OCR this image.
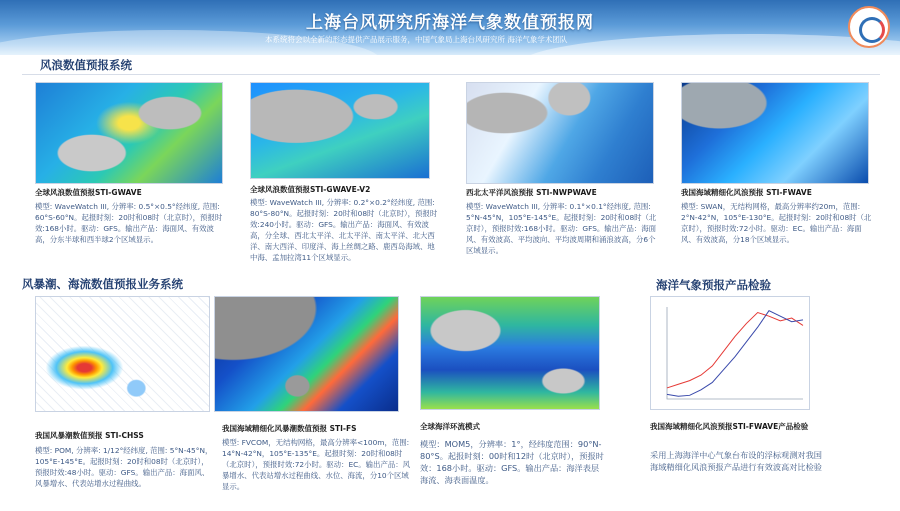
上海台风研究所海洋气象数值预报网
本系统将会以全新的形态提供产品展示服务，中国气象局上海台风研究所 海洋气象学术团队
风浪数值预报系统
全球风浪数值预报STI-GWAVE
模型: WaveWatch III, 分辨率: 0.5°×0.5°经纬度, 范围: 60°S-60°N。起报时刻：20时和08时（北京时），预报时效:168小时。驱动：GFS。输出产品：海面风、有效波高，分东半球和西半球2个区域显示。
全球风浪数值预报STI-GWAVE-V2
模型: WaveWatch III, 分辨率: 0.2°×0.2°经纬度, 范围: 80°S-80°N。起报时刻：20时和08时（北京时），预报时效:240小时。驱动：GFS。输出产品：海面风、有效波高，分全球、西北太平洋、北太平洋、南太平洋、北大西洋、南大西洋、印度洋、海上丝绸之路、鹿西岛海域、地中海、孟加拉湾11个区域显示。
西北太平洋风浪预报 STI-NWPWAVE
模型: WaveWatch III, 分辨率: 0.1°×0.1°经纬度, 范围: 5°N-45°N，105°E-145°E。起报时刻：20时和08时（北京时），预报时效:168小时。驱动：GFS。输出产品：海面风、有效波高、平均波向、平均波周期和涌浪波高，分6个区域显示。
我国海域精细化风浪预报 STI-FWAVE
模型: SWAN，无结构网格，最高分辨率约20m，范围: 2°N-42°N，105°E-130°E。起报时刻：20时和08时（北京时），预报时效:72小时。驱动：EC。输出产品：海面风、有效波高，分18个区域显示。
风暴潮、海流数值预报业务系统
我国风暴潮数值预报 STI-CHSS
模型: POM, 分辨率: 1/12°经纬度, 范围: 5°N-45°N，105°E-145°E。起报时刻：20时和08时（北京时），预报时效:48小时。驱动：GFS。输出产品：海面风、风暴增水、代表站增水过程曲线。
我国海域精细化风暴潮数值预报 STI-FS
模型: FVCOM，无结构网格，最高分辨率<100m，范围: 14°N-42°N，105°E-135°E。起报时刻：20时和08时（北京时），预报时效:72小时。驱动：EC。输出产品：风暴增水、代表站增水过程曲线、水位、海流，分10个区域显示。
全球海洋环流模式
模型：MOM5，分辨率：1°，经纬度范围：90°N-80°S。起报时刻：00时和12时（北京时），预报时效：168小时。驱动：GFS。输出产品：海洋表层海流、海表面温度。
海洋气象预报产品检验
我国海域精细化风浪预报STI-FWAVE产品检验
采用上海海洋中心气象台布设的浮标观测对我国海域精细化风浪预报产品进行有效波高对比检验
